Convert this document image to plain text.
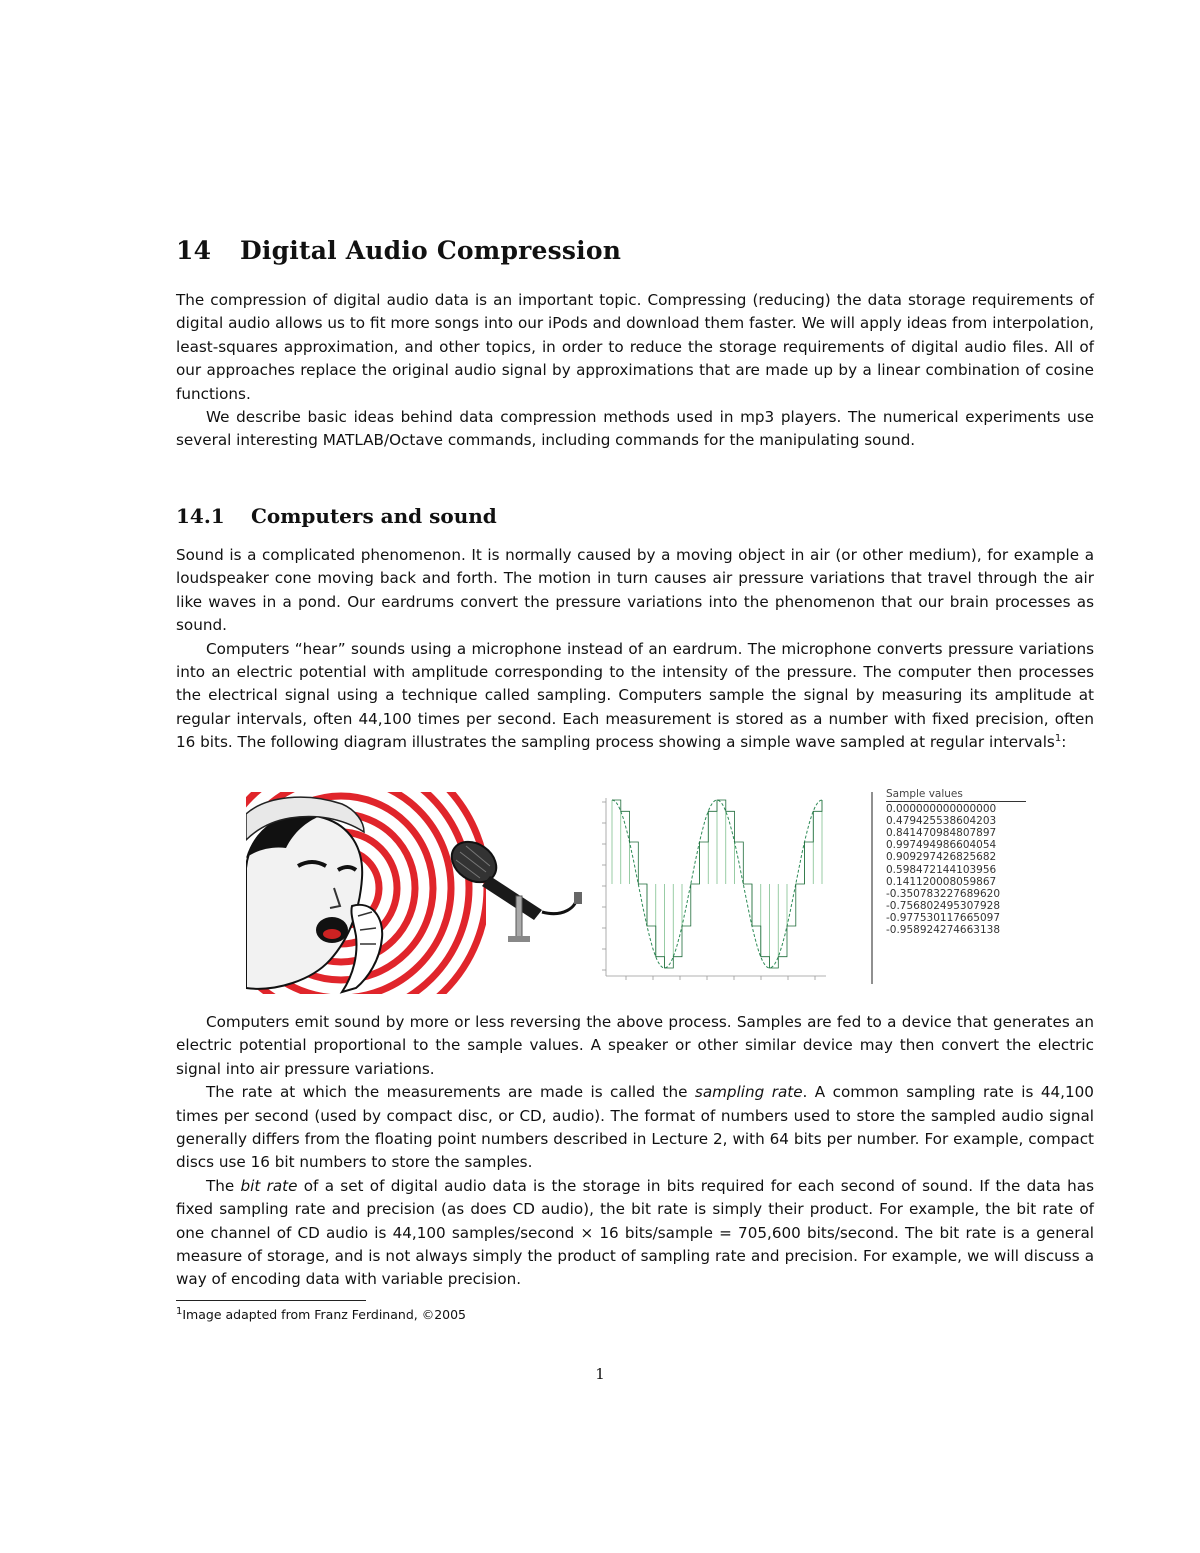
14 Digital Audio Compression

The compression of digital audio data is an important topic. Compressing (reducing) the data storage requirements of digital audio allows us to fit more songs into our iPods and download them faster. We will apply ideas from interpolation, least-squares approximation, and other topics, in order to reduce the storage requirements of digital audio files. All of our approaches replace the original audio signal by approximations that are made up by a linear combination of cosine functions.

We describe basic ideas behind data compression methods used in mp3 players. The numerical experiments use several interesting MATLAB/Octave commands, including commands for the manipulating sound.

14.1 Computers and sound

Sound is a complicated phenomenon. It is normally caused by a moving object in air (or other medium), for example a loudspeaker cone moving back and forth. The motion in turn causes air pressure variations that travel through the air like waves in a pond. Our eardrums convert the pressure variations into the phenomenon that our brain processes as sound.

Computers “hear” sounds using a microphone instead of an eardrum. The microphone converts pressure variations into an electric potential with amplitude corresponding to the intensity of the pressure. The computer then processes the electrical signal using a technique called sampling. Computers sample the signal by measuring its amplitude at regular intervals, often 44,100 times per second. Each measurement is stored as a number with fixed precision, often 16 bits. The following diagram illustrates the sampling process showing a simple wave sampled at regular intervals$^1$:

Sample values
0.000000000000000
0.479425538604203
0.841470984807897
0.997494986604054
0.909297426825682
0.598472144103956
0.141120008059867
-0.350783227689620
-0.756802495307928
-0.977530117665097
-0.958924274663138

Computers emit sound by more or less reversing the above process. Samples are fed to a device that generates an electric potential proportional to the sample values. A speaker or other similar device may then convert the electric signal into air pressure variations.

The rate at which the measurements are made is called the sampling rate. A common sampling rate is 44,100 times per second (used by compact disc, or CD, audio). The format of numbers used to store the sampled audio signal generally differs from the floating point numbers described in Lecture 2, with 64 bits per number. For example, compact discs use 16 bit numbers to store the samples.

The bit rate of a set of digital audio data is the storage in bits required for each second of sound. If the data has fixed sampling rate and precision (as does CD audio), the bit rate is simply their product. For example, the bit rate of one channel of CD audio is 44,100 samples/second × 16 bits/sample = 705,600 bits/second. The bit rate is a general measure of storage, and is not always simply the product of sampling rate and precision. For example, we will discuss a way of encoding data with variable precision.

$^1$Image adapted from Franz Ferdinand, ©2005
1
